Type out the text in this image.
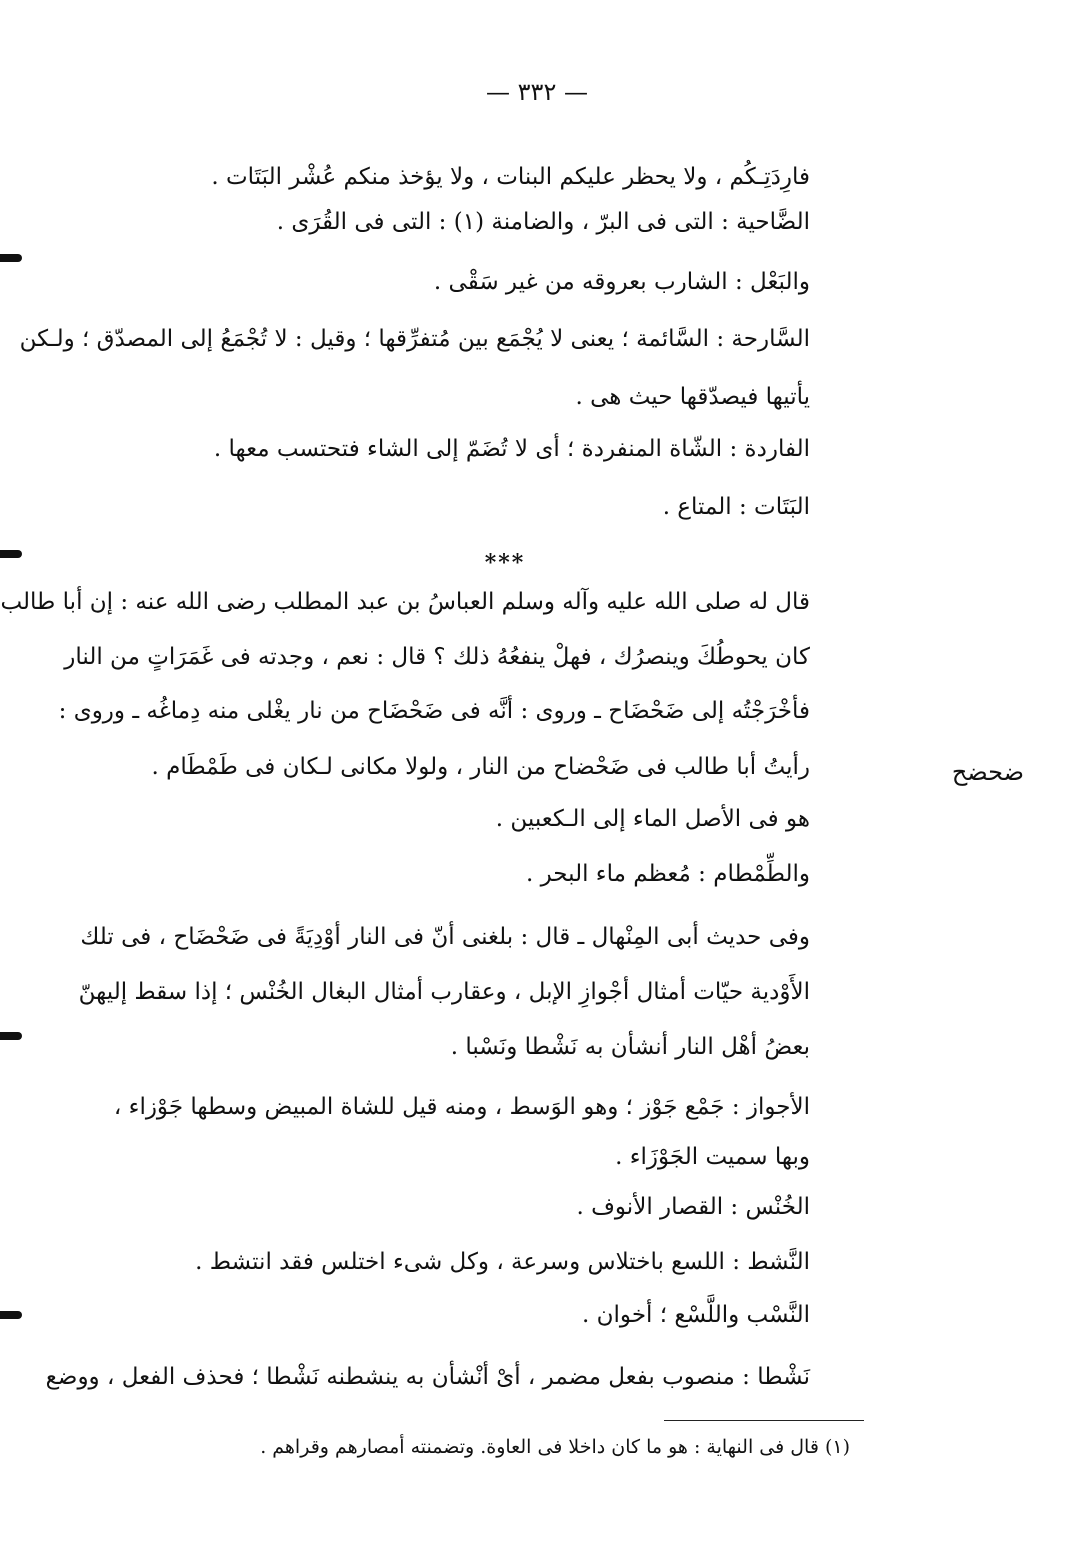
— ٣٣٢ —
فارِدَتِـكُم ، ولا يحظر عليكم البنات ، ولا يؤخذ منكم عُشْر البَتَات .
الضَّاحية : التى فى البرّ ، والضامنة (١) : التى فى القُرَى .
والبَعْل : الشارب بعروقه من غير سَقْى .
السَّارحة : السَّائمة ؛ يعنى لا يُجْمَع بين مُتفرِّقها ؛ وقيل : لا تُجْمَعُ إلى المصدّق ؛ ولـكن
يأتيها فيصدّقها حيث هى .
الفاردة : الشّاة المنفردة ؛ أى لا تُضَمّ إلى الشاء فتحتسب معها .
البَتَات : المتاع .
***
قال له صلى الله عليه وآله وسلم العباسُ بن عبد المطلب رضى الله عنه : إن أبا طالب
كان يحوطُكَ وينصرُك ، فهلْ ينفعُهُ ذلك ؟ قال : نعم ، وجدته فى غَمَرَاتٍ من النار
فأخْرَجْتُه إلى ضَحْضَاح ـ وروى : أنَّه فى ضَحْضَاح من نار يغْلى منه دِماغُه ـ وروى :
رأيتُ أبا طالب فى ضَحْضاح من النار ، ولولا مكانى لـكان فى طَمْطَام .
هو فى الأصل الماء إلى الـكعبين .
والطِّمْطام : مُعظم ماء البحر .
ضحضح
وفى حديث أبى المِنْهال ـ قال : بلغنى أنّ فى النار أوْدِيَةً فى ضَحْضَاح ، فى تلك
الأَوْدية حيّات أمثال أجْوازِ الإبل ، وعقارب أمثال البغال الخُنْس ؛ إذا سقط إليهنّ
بعضُ أهْل النار أنشأن به نَشْطا ونَسْبا .
الأجواز : جَمْع جَوْز ؛ وهو الوَسط ، ومنه قيل للشاة المبيض وسطها جَوْزاء ،
وبها سميت الجَوْزَاء .
الخُنْس : القصار الأنوف .
النَّشط : اللسع باختلاس وسرعة ، وكل شىء اختلس فقد انتشط .
النَّسْب واللَّسْع ؛ أخوان .
نَشْطا : منصوب بفعل مضمر ، أىْ أنْشأن به ينشطنه نَشْطا ؛ فحذف الفعل ، ووضع
(١) قال فى النهاية : هو ما كان داخلا فى العاوة. وتضمنته أمصارهم وقراهم .
